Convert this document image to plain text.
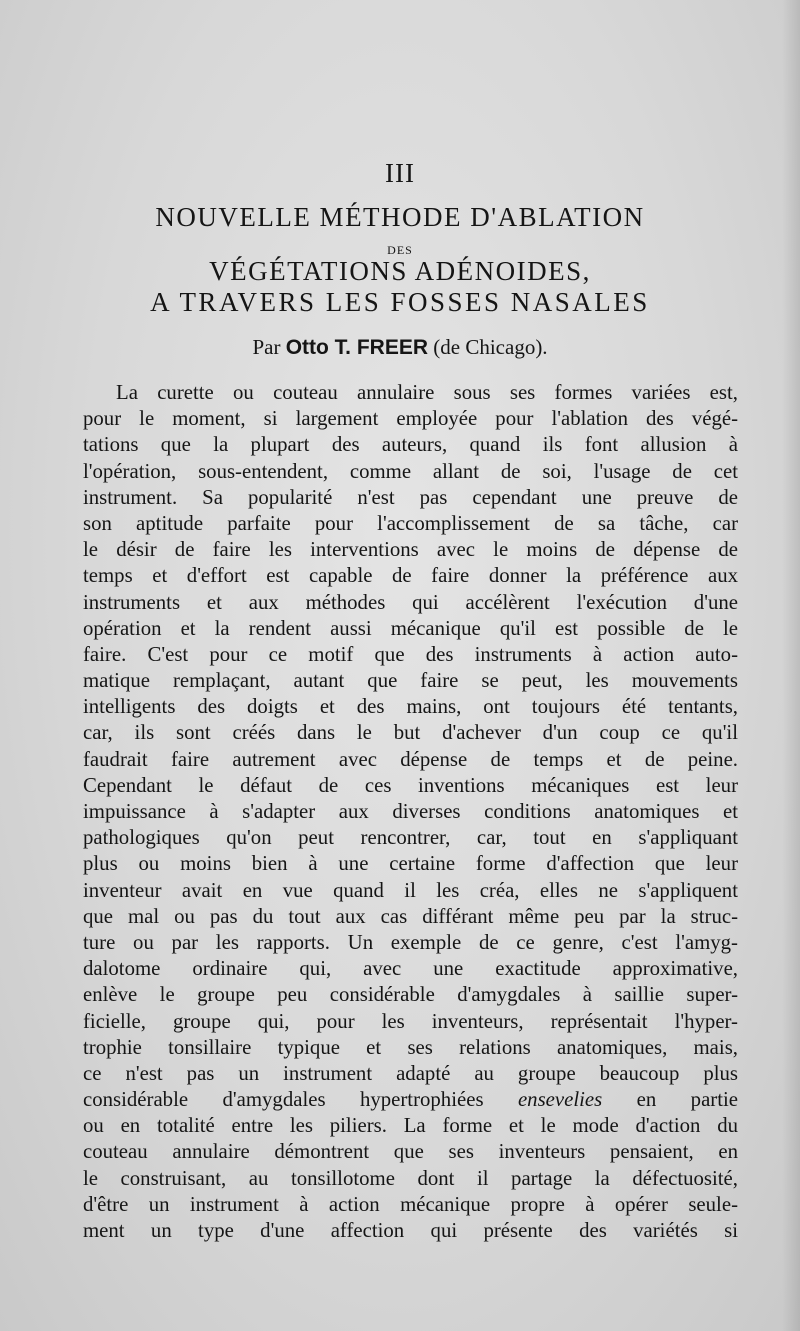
III
NOUVELLE MÉTHODE D'ABLATION
DES
VÉGÉTATIONS ADÉNOIDES,
A TRAVERS LES FOSSES NASALES
Par Otto T. FREER (de Chicago).
La curette ou couteau annulaire sous ses formes variées est,
pour le moment, si largement employée pour l'ablation des végé-
tations que la plupart des auteurs, quand ils font allusion à
l'opération, sous-entendent, comme allant de soi, l'usage de cet
instrument. Sa popularité n'est pas cependant une preuve de
son aptitude parfaite pour l'accomplissement de sa tâche, car
le désir de faire les interventions avec le moins de dépense de
temps et d'effort est capable de faire donner la préférence aux
instruments et aux méthodes qui accélèrent l'exécution d'une
opération et la rendent aussi mécanique qu'il est possible de le
faire. C'est pour ce motif que des instruments à action auto-
matique remplaçant, autant que faire se peut, les mouvements
intelligents des doigts et des mains, ont toujours été tentants,
car, ils sont créés dans le but d'achever d'un coup ce qu'il
faudrait faire autrement avec dépense de temps et de peine.
Cependant le défaut de ces inventions mécaniques est leur
impuissance à s'adapter aux diverses conditions anatomiques et
pathologiques qu'on peut rencontrer, car, tout en s'appliquant
plus ou moins bien à une certaine forme d'affection que leur
inventeur avait en vue quand il les créa, elles ne s'appliquent
que mal ou pas du tout aux cas différant même peu par la struc-
ture ou par les rapports. Un exemple de ce genre, c'est l'amyg-
dalotome ordinaire qui, avec une exactitude approximative,
enlève le groupe peu considérable d'amygdales à saillie super-
ficielle, groupe qui, pour les inventeurs, représentait l'hyper-
trophie tonsillaire typique et ses relations anatomiques, mais,
ce n'est pas un instrument adapté au groupe beaucoup plus
considérable d'amygdales hypertrophiées ensevelies en partie
ou en totalité entre les piliers. La forme et le mode d'action du
couteau annulaire démontrent que ses inventeurs pensaient, en
le construisant, au tonsillotome dont il partage la défectuosité,
d'être un instrument à action mécanique propre à opérer seule-
ment un type d'une affection qui présente des variétés si
